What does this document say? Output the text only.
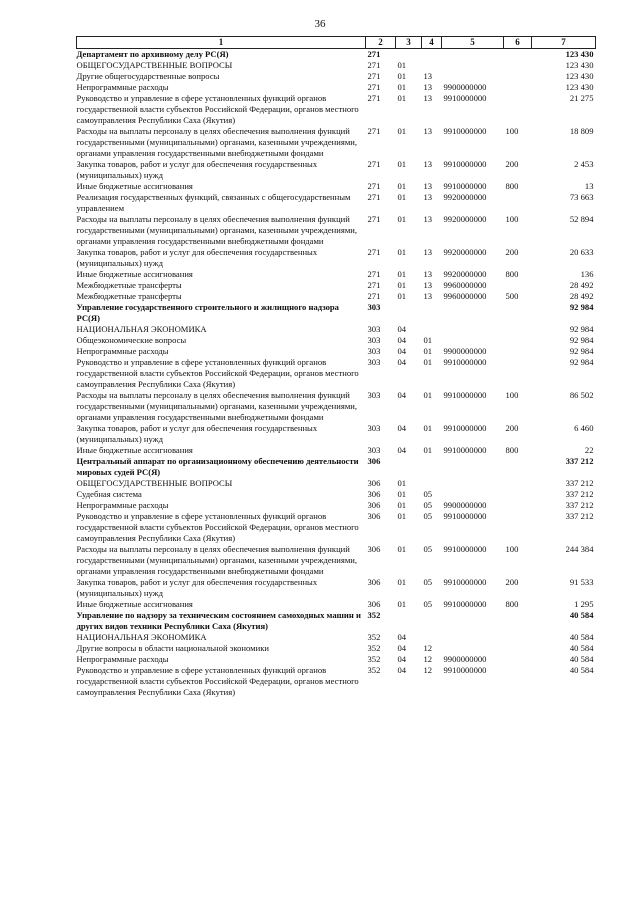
36
1	2	3	4	5	6	7
Департамент по архивному делу РС(Я)	271					123 430
ОБЩЕГОСУДАРСТВЕННЫЕ ВОПРОСЫ	271	01				123 430
Другие общегосударственные вопросы	271	01	13			123 430
Непрограммные расходы	271	01	13	9900000000		123 430
Руководство и управление в сфере установленных функций органов государственной власти субъектов Российской Федерации, органов местного самоуправления Республики Саха (Якутия)	271	01	13	9910000000		21 275
Расходы на выплаты персоналу в целях обеспечения выполнения функций государственными (муниципальными) органами, казенными учреждениями, органами управления государственными внебюджетными фондами	271	01	13	9910000000	100	18 809
Закупка товаров, работ и услуг для обеспечения государственных (муниципальных) нужд	271	01	13	9910000000	200	2 453
Иные бюджетные ассигнования	271	01	13	9910000000	800	13
Реализация государственных функций, связанных с общегосударственным управлением	271	01	13	9920000000		73 663
Расходы на выплаты персоналу в целях обеспечения выполнения функций государственными (муниципальными) органами, казенными учреждениями, органами управления государственными внебюджетными фондами	271	01	13	9920000000	100	52 894
Закупка товаров, работ и услуг для обеспечения государственных (муниципальных) нужд	271	01	13	9920000000	200	20 633
Иные бюджетные ассигнования	271	01	13	9920000000	800	136
Межбюджетные трансферты	271	01	13	9960000000		28 492
Межбюджетные трансферты	271	01	13	9960000000	500	28 492
Управление государственного строительного и жилищного надзора РС(Я)	303					92 984
НАЦИОНАЛЬНАЯ ЭКОНОМИКА	303	04				92 984
Общеэкономические вопросы	303	04	01			92 984
Непрограммные расходы	303	04	01	9900000000		92 984
Руководство и управление в сфере установленных функций органов государственной власти субъектов Российской Федерации, органов местного самоуправления Республики Саха (Якутия)	303	04	01	9910000000		92 984
Расходы на выплаты персоналу в целях обеспечения выполнения функций государственными (муниципальными) органами, казенными учреждениями, органами управления государственными внебюджетными фондами	303	04	01	9910000000	100	86 502
Закупка товаров, работ и услуг для обеспечения государственных (муниципальных) нужд	303	04	01	9910000000	200	6 460
Иные бюджетные ассигнования	303	04	01	9910000000	800	22
Центральный аппарат по организационному обеспечению деятельности мировых судей РС(Я)	306					337 212
ОБЩЕГОСУДАРСТВЕННЫЕ ВОПРОСЫ	306	01				337 212
Судебная система	306	01	05			337 212
Непрограммные расходы	306	01	05	9900000000		337 212
Руководство и управление в сфере установленных функций органов государственной власти субъектов Российской Федерации, органов местного самоуправления Республики Саха (Якутия)	306	01	05	9910000000		337 212
Расходы на выплаты персоналу в целях обеспечения выполнения функций государственными (муниципальными) органами, казенными учреждениями, органами управления государственными внебюджетными фондами	306	01	05	9910000000	100	244 384
Закупка товаров, работ и услуг для обеспечения государственных (муниципальных) нужд	306	01	05	9910000000	200	91 533
Иные бюджетные ассигнования	306	01	05	9910000000	800	1 295
Управление по надзору за техническим состоянием самоходных машин и других видов техники Республики Саха (Якутия)	352					40 584
НАЦИОНАЛЬНАЯ ЭКОНОМИКА	352	04				40 584
Другие вопросы в области национальной экономики	352	04	12			40 584
Непрограммные расходы	352	04	12	9900000000		40 584
Руководство и управление в сфере установленных функций органов государственной власти субъектов Российской Федерации, органов местного самоуправления Республики Саха (Якутия)	352	04	12	9910000000		40 584
